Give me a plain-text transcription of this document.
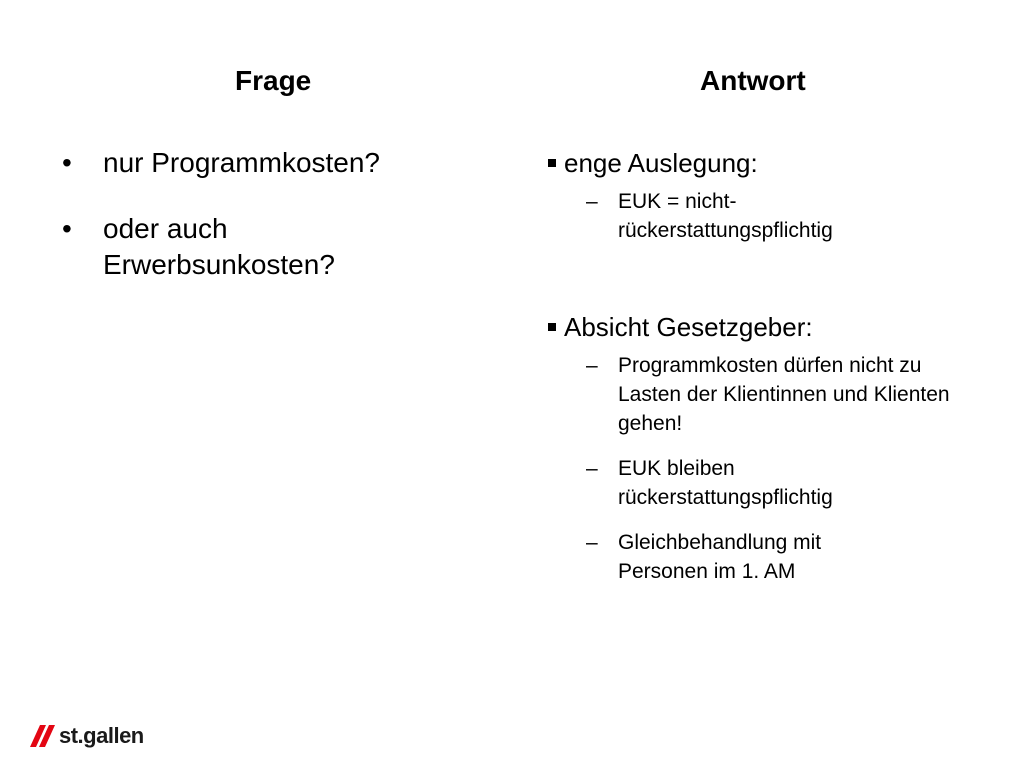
Frage	Antwort
•	nur Programmkosten?
•	oder auch Erwerbsunkosten?
enge Auslegung:
– EUK = nicht-rückerstattungspflichtig
Absicht Gesetzgeber:
– Programmkosten dürfen nicht zu Lasten der Klientinnen und Klienten gehen!
– EUK bleiben rückerstattungspflichtig
– Gleichbehandlung mit Personen im 1. AM
st.gallen
